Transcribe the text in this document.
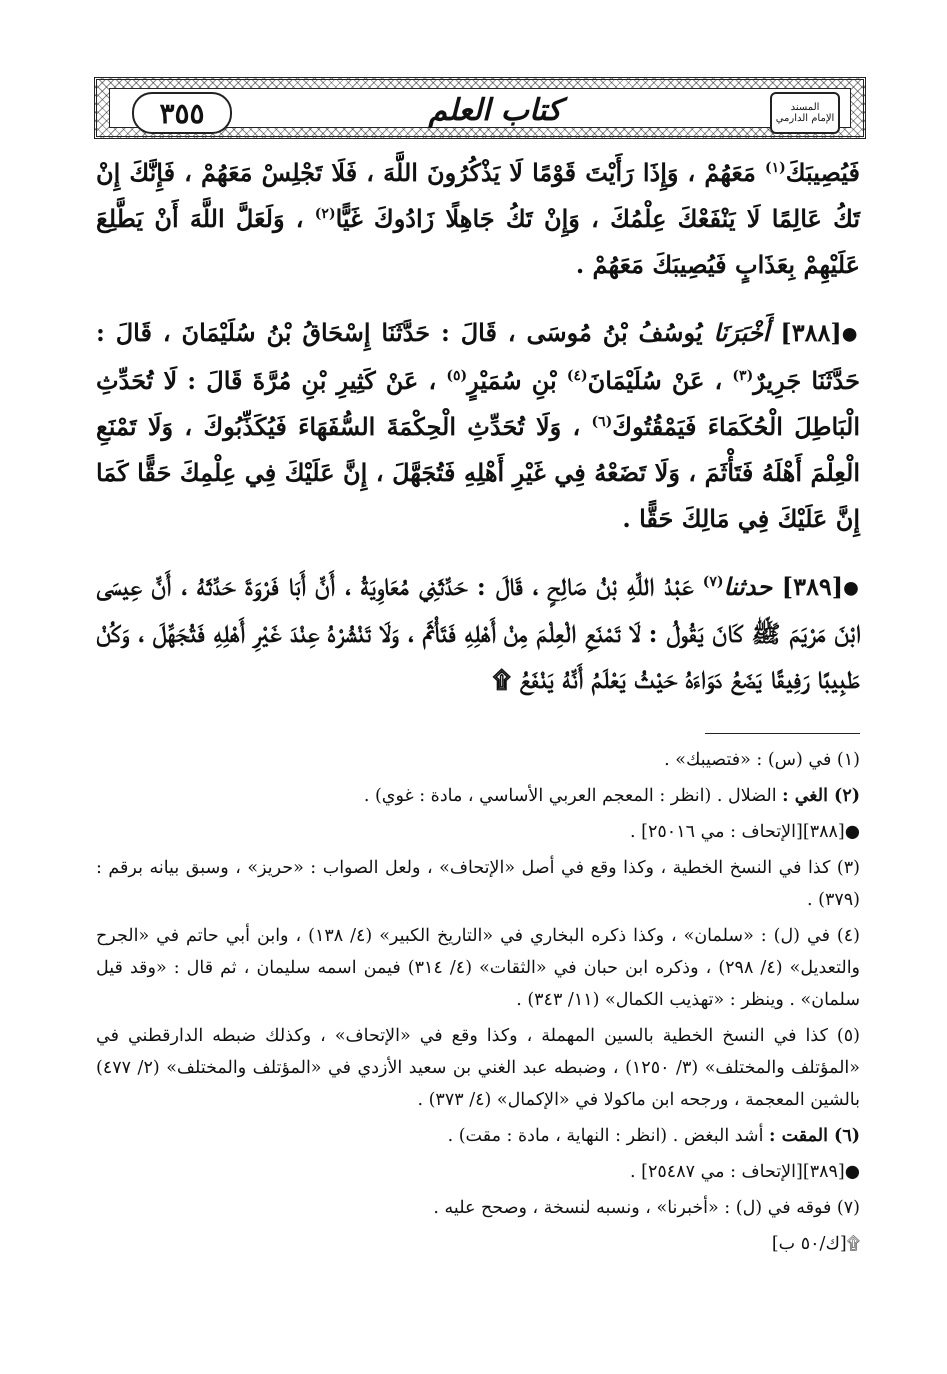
٣٥٥	كتاب العلم	المسند
الإمام الدارمي

فَيُصِيبَكَ$^{(١)}$ مَعَهُمْ ، وَإِذَا رَأَيْتَ قَوْمًا لَا يَذْكُرُونَ اللَّهَ ، فَلَا تَجْلِسْ مَعَهُمْ ، فَإِنَّكَ إِنْ تَكُ عَالِمًا لَا يَنْفَعْكَ عِلْمُكَ ، وَإِنْ تَكُ جَاهِلًا زَادُوكَ غَيًّا$^{(٢)}$ ، وَلَعَلَّ اللَّهَ أَنْ يَطَّلِعَ عَلَيْهِمْ بِعَذَابٍ فَيُصِيبَكَ مَعَهُمْ .

●[٣٨٨] أَخْبَرَنَا يُوسُفُ بْنُ مُوسَى ، قَالَ : حَدَّثَنَا إِسْحَاقُ بْنُ سُلَيْمَانَ ، قَالَ : حَدَّثَنَا جَرِيرٌ$^{(٣)}$ ، عَنْ سُلَيْمَانَ$^{(٤)}$ بْنِ سُمَيْرٍ$^{(٥)}$ ، عَنْ كَثِيرِ بْنِ مُرَّةَ قَالَ : لَا تُحَدِّثِ الْبَاطِلَ الْحُكَمَاءَ فَيَمْقُتُوكَ$^{(٦)}$ ، وَلَا تُحَدِّثِ الْحِكْمَةَ السُّفَهَاءَ فَيُكَذِّبُوكَ ، وَلَا تَمْنَعِ الْعِلْمَ أَهْلَهُ فَتَأْثَمَ ، وَلَا تَضَعْهُ فِي غَيْرِ أَهْلِهِ فَتُجَهَّلَ ، إِنَّ عَلَيْكَ فِي عِلْمِكَ حَقًّا كَمَا إِنَّ عَلَيْكَ فِي مَالِكَ حَقًّا .

●[٣٨٩] حدثنا$^{(٧)}$ عَبْدُ اللَّهِ بْنُ صَالِحٍ ، قَالَ : حَدَّثَنِي مُعَاوِيَةُ ، أَنَّ أَبَا فَرْوَةَ حَدَّثَهُ ، أَنَّ عِيسَى ابْنَ مَرْيَمَ ﷺ كَانَ يَقُولُ : لَا تَمْنَعِ الْعِلْمَ مِنْ أَهْلِهِ فَتَأْثَمَ ، وَلَا تَنْشُرْهُ عِنْدَ غَيْرِ أَهْلِهِ فَتُجَهَّلَ ، وَكُنْ طَبِيبًا رَفِيقًا يَضَعُ دَوَاءَهُ حَيْثُ يَعْلَمُ أَنَّهُ يَنْفَعُ ۩

(١) في (س) : «فتصيبك» .
(٢) الغي : الضلال . (انظر : المعجم العربي الأساسي ، مادة : غوي) .
●[٣٨٨][الإتحاف : مي ٢٥٠١٦] .
(٣) كذا في النسخ الخطية ، وكذا وقع في أصل «الإتحاف» ، ولعل الصواب : «حريز» ، وسبق بيانه برقم : (٣٧٩) .
(٤) في (ل) : «سلمان» ، وكذا ذكره البخاري في «التاريخ الكبير» (٤/ ١٣٨) ، وابن أبي حاتم في «الجرح والتعديل» (٤/ ٢٩٨) ، وذكره ابن حبان في «الثقات» (٤/ ٣١٤) فيمن اسمه سليمان ، ثم قال : «وقد قيل سلمان» . وينظر : «تهذيب الكمال» (١١/ ٣٤٣) .
(٥) كذا في النسخ الخطية بالسين المهملة ، وكذا وقع في «الإتحاف» ، وكذلك ضبطه الدارقطني في «المؤتلف والمختلف» (٣/ ١٢٥٠) ، وضبطه عبد الغني بن سعيد الأزدي في «المؤتلف والمختلف» (٢/ ٤٧٧) بالشين المعجمة ، ورجحه ابن ماكولا في «الإكمال» (٤/ ٣٧٣) .
(٦) المقت : أشد البغض . (انظر : النهاية ، مادة : مقت) .
●[٣٨٩][الإتحاف : مي ٢٥٤٨٧] .
(٧) فوقه في (ل) : «أخبرنا» ، ونسبه لنسخة ، وصحح عليه .
۩[ك/٥٠ ب]
